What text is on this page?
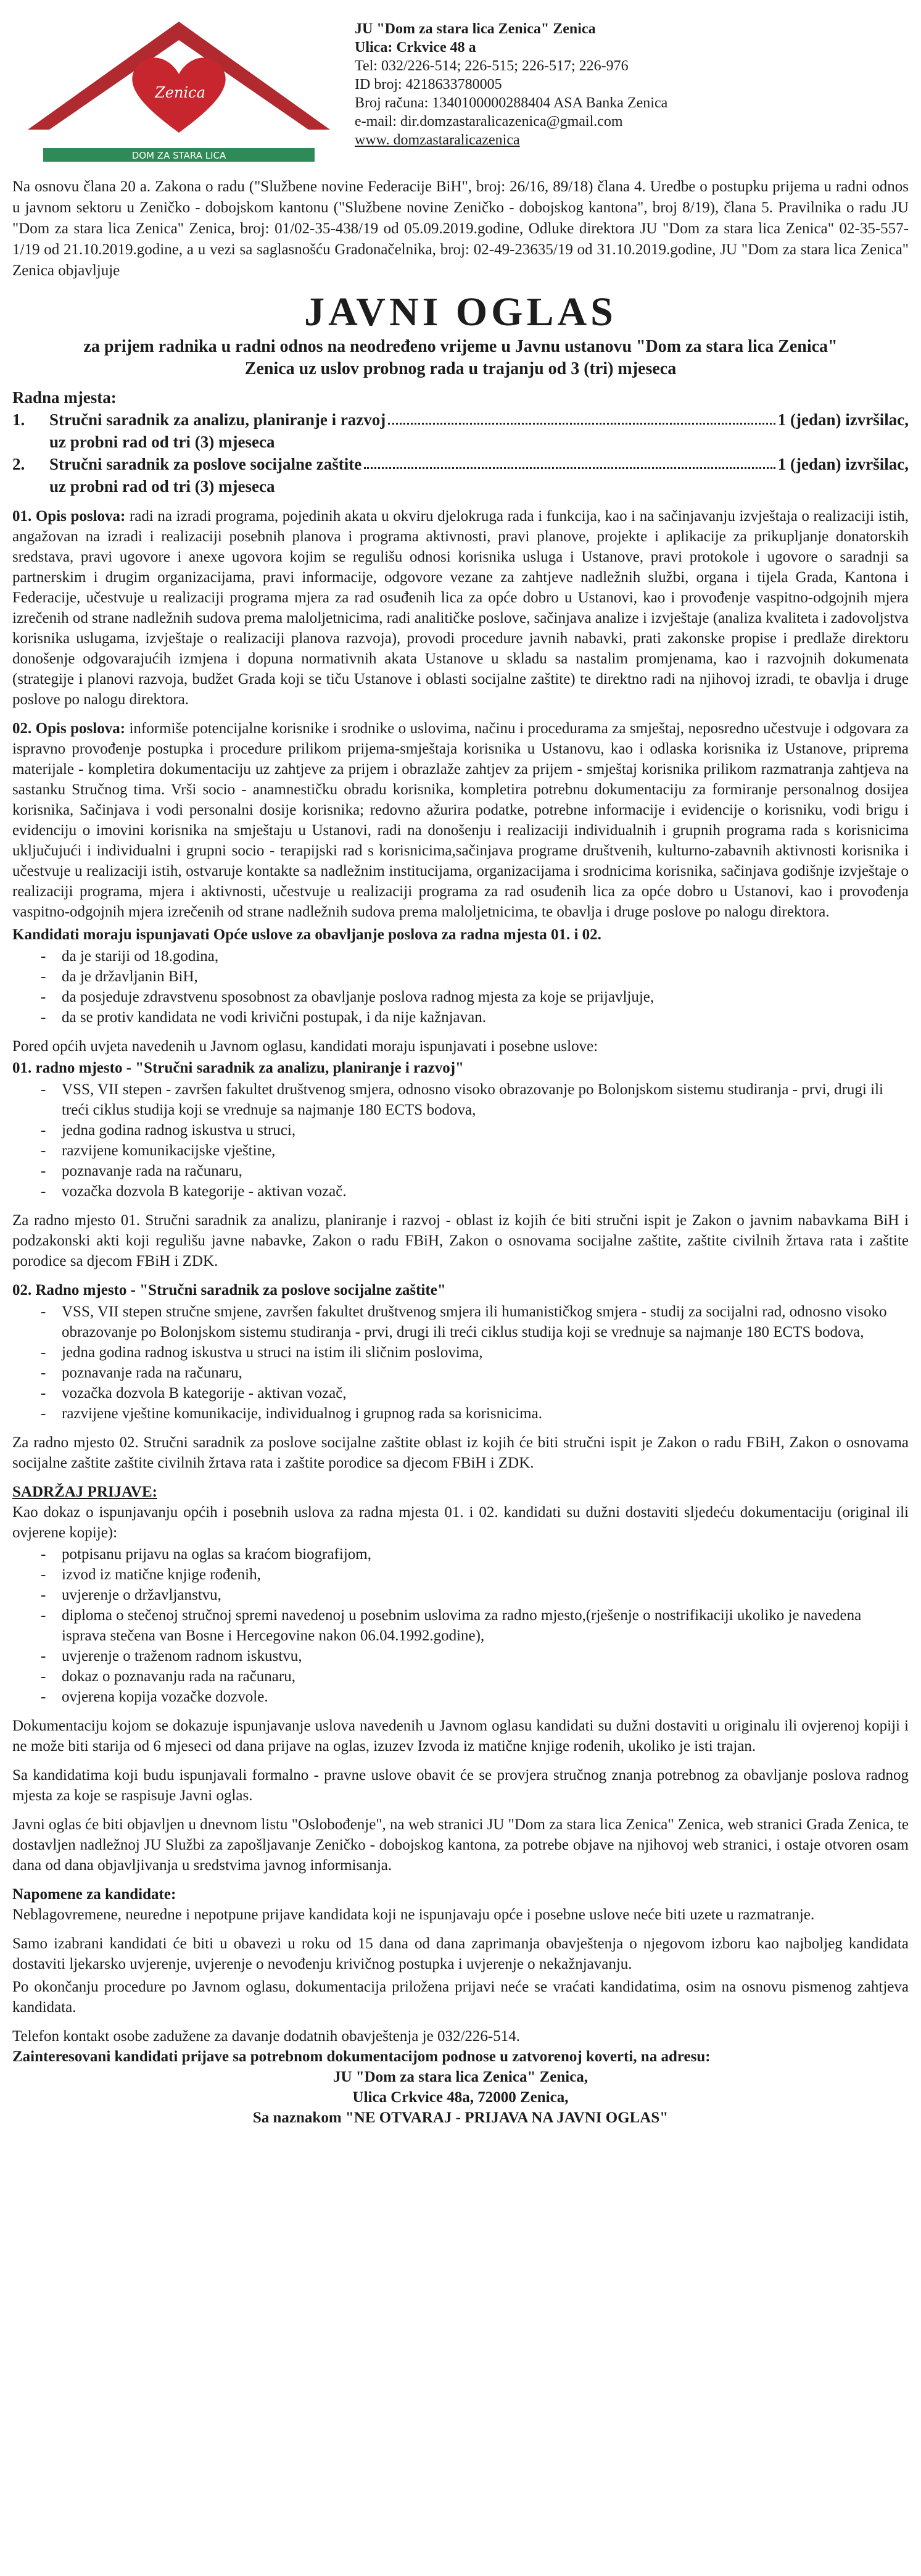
Zenica
DOM ZA STARA LICA
JU "Dom za stara lica Zenica" Zenica
Ulica: Crkvice 48 a
Tel: 032/226-514; 226-515; 226-517; 226-976
ID broj: 4218633780005
Broj računa: 1340100000288404 ASA Banka Zenica
e-mail: dir.domzastaralicazenica@gmail.com
www. domzastaralicazenica

Na osnovu člana 20 a. Zakona o radu ("Službene novine Federacije BiH", broj: 26/16, 89/18) člana 4. Uredbe o postupku prijema u radni odnos u javnom sektoru u Zeničko - dobojskom kantonu ("Službene novine Zeničko - dobojskog kantona", broj 8/19), člana 5. Pravilnika o radu JU "Dom za stara lica Zenica" Zenica, broj: 01/02-35-438/19 od 05.09.2019.godine, Odluke direktora JU "Dom za stara lica Zenica" 02-35-557-1/19 od 21.10.2019.godine, a u vezi sa saglasnošću Gradonačelnika, broj: 02-49-23635/19 od 31.10.2019.godine, JU "Dom za stara lica Zenica" Zenica objavljuje

JAVNI OGLAS
za prijem radnika u radni odnos na neodređeno vrijeme u Javnu ustanovu "Dom za stara lica Zenica"
Zenica uz uslov probnog rada u trajanju od 3 (tri) mjeseca
Radna mjesta:
1.	Stručni saradnik za analizu, planiranje i razvoj	1 (jedan) izvršilac,
uz probni rad od tri (3) mjeseca
2.	Stručni saradnik za poslove socijalne zaštite	1 (jedan) izvršilac,
uz probni rad od tri (3) mjeseca

01. Opis poslova: radi na izradi programa, pojedinih akata u okviru djelokruga rada i funkcija, kao i na sačinjavanju izvještaja o realizaciji istih, angažovan na izradi i realizaciji posebnih planova i programa aktivnosti, pravi planove, projekte i aplikacije za prikupljanje donatorskih sredstava, pravi ugovore i anexe ugovora kojim se regulišu odnosi korisnika usluga i Ustanove, pravi protokole i ugovore o saradnji sa partnerskim i drugim organizacijama, pravi informacije, odgovore vezane za zahtjeve nadležnih službi, organa i tijela Grada, Kantona i Federacije, učestvuje u realizaciji programa mjera za rad osuđenih lica za opće dobro u Ustanovi, kao i provođenje vaspitno-odgojnih mjera izrečenih od strane nadležnih sudova prema maloljetnicima, radi analitičke poslove, sačinjava analize i izvještaje (analiza kvaliteta i zadovoljstva korisnika uslugama, izvještaje o realizaciji planova razvoja), provodi procedure javnih nabavki, prati zakonske propise i predlaže direktoru donošenje odgovarajućih izmjena i dopuna normativnih akata Ustanove u skladu sa nastalim promjenama, kao i razvojnih dokumenata (strategije i planovi razvoja, budžet Grada koji se tiču Ustanove i oblasti socijalne zaštite) te direktno radi na njihovoj izradi, te obavlja i druge poslove po nalogu direktora.

02. Opis poslova: informiše potencijalne korisnike i srodnike o uslovima, načinu i procedurama za smještaj, neposredno učestvuje i odgovara za ispravno provođenje postupka i procedure prilikom prijema-smještaja korisnika u Ustanovu, kao i odlaska korisnika iz Ustanove, priprema materijale - kompletira dokumentaciju uz zahtjeve za prijem i obrazlaže zahtjev za prijem - smještaj korisnika prilikom razmatranja zahtjeva na sastanku Stručnog tima. Vrši socio - anamnestičku obradu korisnika, kompletira potrebnu dokumentaciju za formiranje personalnog dosijea korisnika, Sačinjava i vodi personalni dosije korisnika; redovno ažurira podatke, potrebne informacije i evidencije o korisniku, vodi brigu i evidenciju o imovini korisnika na smještaju u Ustanovi, radi na donošenju i realizaciji individualnih i grupnih programa rada s korisnicima uključujući i individualni i grupni socio - terapijski rad s korisnicima,sačinjava programe društvenih, kulturno-zabavnih aktivnosti korisnika i učestvuje u realizaciji istih, ostvaruje kontakte sa nadležnim institucijama, organizacijama i srodnicima korisnika, sačinjava godišnje izvještaje o realizaciji programa, mjera i aktivnosti, učestvuje u realizaciji programa za rad osuđenih lica za opće dobro u Ustanovi, kao i provođenja vaspitno-odgojnih mjera izrečenih od strane nadležnih sudova prema maloljetnicima, te obavlja i druge poslove po nalogu direktora.

Kandidati moraju ispunjavati Opće uslove za obavljanje poslova za radna mjesta 01. i 02.

- da je stariji od 18.godina,
- da je državljanin BiH,
- da posjeduje zdravstvenu sposobnost za obavljanje poslova radnog mjesta za koje se prijavljuje,
- da se protiv kandidata ne vodi krivični postupak, i da nije kažnjavan.

Pored općih uvjeta navedenih u Javnom oglasu, kandidati moraju ispunjavati i posebne uslove:

01. radno mjesto - "Stručni saradnik za analizu, planiranje i razvoj"

- VSS, VII stepen - završen fakultet društvenog smjera, odnosno visoko obrazovanje po Bolonjskom sistemu studiranja - prvi, drugi ili treći ciklus studija koji se vrednuje sa najmanje 180 ECTS bodova,
- jedna godina radnog iskustva u struci,
- razvijene komunikacijske vještine,
- poznavanje rada na računaru,
- vozačka dozvola B kategorije - aktivan vozač.

Za radno mjesto 01. Stručni saradnik za analizu, planiranje i razvoj - oblast iz kojih će biti stručni ispit je Zakon o javnim nabavkama BiH i podzakonski akti koji regulišu javne nabavke, Zakon o radu FBiH, Zakon o osnovama socijalne zaštite, zaštite civilnih žrtava rata i zaštite porodice sa djecom FBiH i ZDK.

02. Radno mjesto - "Stručni saradnik za poslove socijalne zaštite"

- VSS, VII stepen stručne smjene, završen fakultet društvenog smjera ili humanističkog smjera - studij za socijalni rad, odnosno visoko obrazovanje po Bolonjskom sistemu studiranja - prvi, drugi ili treći ciklus studija koji se vrednuje sa najmanje 180 ECTS bodova,
- jedna godina radnog iskustva u struci na istim ili sličnim poslovima,
- poznavanje rada na računaru,
- vozačka dozvola B kategorije - aktivan vozač,
- razvijene vještine komunikacije, individualnog i grupnog rada sa korisnicima.

Za radno mjesto 02. Stručni saradnik za poslove socijalne zaštite oblast iz kojih će biti stručni ispit je Zakon o radu FBiH, Zakon o osnovama socijalne zaštite zaštite civilnih žrtava rata i zaštite porodice sa djecom FBiH i ZDK.

SADRŽAJ PRIJAVE:

Kao dokaz o ispunjavanju općih i posebnih uslova za radna mjesta 01. i 02. kandidati su dužni dostaviti sljedeću dokumentaciju (original ili ovjerene kopije):

- potpisanu prijavu na oglas sa kraćom biografijom,
- izvod iz matične knjige rođenih,
- uvjerenje o državljanstvu,
- diploma o stečenoj stručnoj spremi navedenoj u posebnim uslovima za radno mjesto,(rješenje o nostrifikaciji ukoliko je navedena isprava stečena van Bosne i Hercegovine nakon 06.04.1992.godine),
- uvjerenje o traženom radnom iskustvu,
- dokaz o poznavanju rada na računaru,
- ovjerena kopija vozačke dozvole.

Dokumentaciju kojom se dokazuje ispunjavanje uslova navedenih u Javnom oglasu kandidati su dužni dostaviti u originalu ili ovjerenoj kopiji i ne može biti starija od 6 mjeseci od dana prijave na oglas, izuzev Izvoda iz matične knjige rođenih, ukoliko je isti trajan.

Sa kandidatima koji budu ispunjavali formalno - pravne uslove obavit će se provjera stručnog znanja potrebnog za obavljanje poslova radnog mjesta za koje se raspisuje Javni oglas.

Javni oglas će biti objavljen u dnevnom listu "Oslobođenje", na web stranici JU "Dom za stara lica Zenica" Zenica, web stranici Grada Zenica, te dostavljen nadležnoj JU Službi za zapošljavanje Zeničko - dobojskog kantona, za potrebe objave na njihovoj web stranici, i ostaje otvoren osam dana od dana objavljivanja u sredstvima javnog informisanja.

Napomene za kandidate:

Neblagovremene, neuredne i nepotpune prijave kandidata koji ne ispunjavaju opće i posebne uslove neće biti uzete u razmatranje.

Samo izabrani kandidati će biti u obavezi u roku od 15 dana od dana zaprimanja obavještenja o njegovom izboru kao najboljeg kandidata dostaviti ljekarsko uvjerenje, uvjerenje o nevođenju krivičnog postupka i uvjerenje o nekažnjavanju.

Po okončanju procedure po Javnom oglasu, dokumentacija priložena prijavi neće se vraćati kandidatima, osim na osnovu pismenog zahtjeva kandidata.

Telefon kontakt osobe zadužene za davanje dodatnih obavještenja je 032/226-514.

Zainteresovani kandidati prijave sa potrebnom dokumentacijom podnose u zatvorenoj koverti, na adresu:

JU "Dom za stara lica Zenica" Zenica,

Ulica Crkvice 48a, 72000 Zenica,

Sa naznakom "NE OTVARAJ - PRIJAVA NA JAVNI OGLAS"
